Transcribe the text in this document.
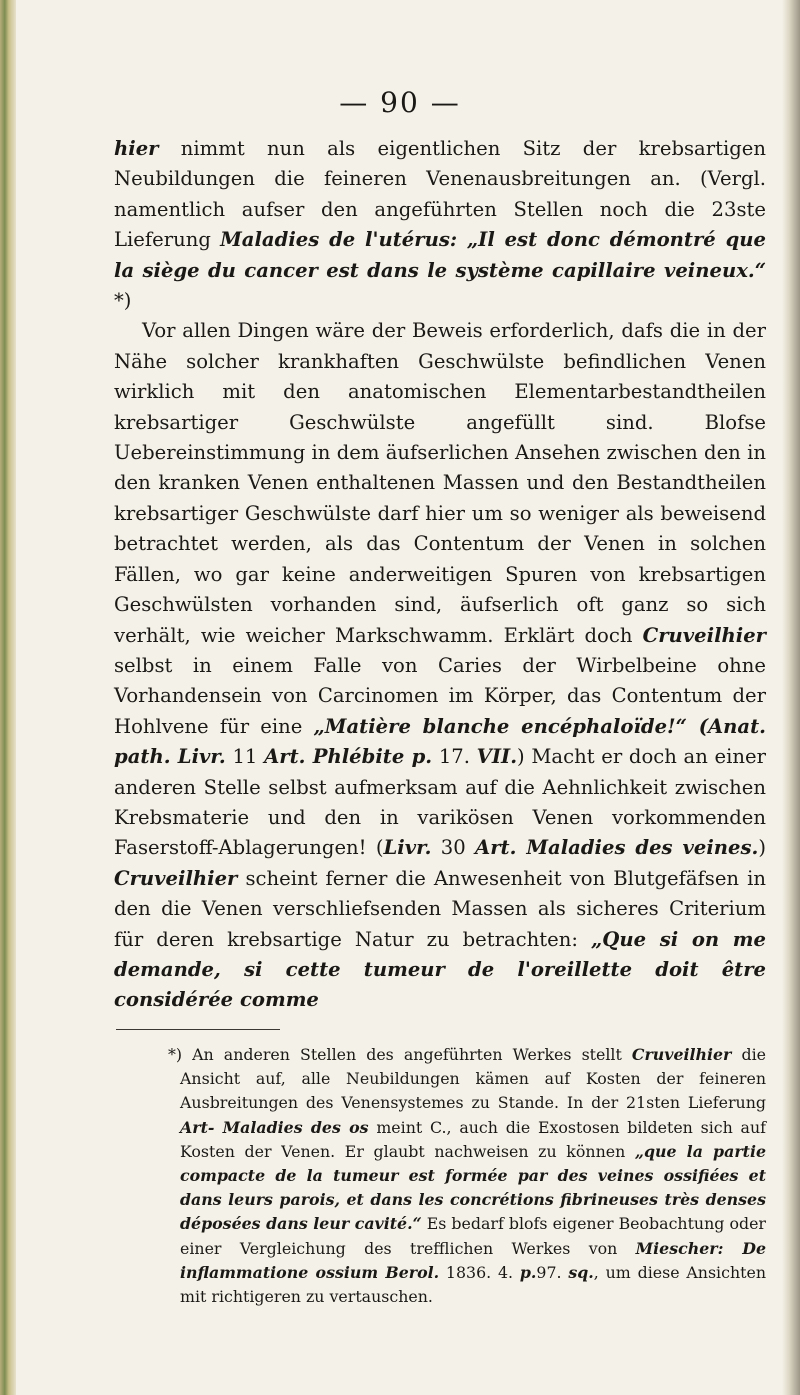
— 90 —

hier nimmt nun als eigentlichen Sitz der krebsartigen Neubildungen die feineren Venenausbreitungen an. (Vergl. namentlich aufser den angeführten Stellen noch die 23ste Lieferung Maladies de l'utérus: „Il est donc démontré que la siège du cancer est dans le système capillaire veineux.“ *)

Vor allen Dingen wäre der Beweis erforderlich, dafs die in der Nähe solcher krankhaften Geschwülste befindlichen Venen wirklich mit den anatomischen Elementarbestandtheilen krebsartiger Geschwülste angefüllt sind. Blofse Uebereinstimmung in dem äufserlichen Ansehen zwischen den in den kranken Venen enthaltenen Massen und den Bestandtheilen krebsartiger Geschwülste darf hier um so weniger als beweisend betrachtet werden, als das Contentum der Venen in solchen Fällen, wo gar keine anderweitigen Spuren von krebsartigen Geschwülsten vorhanden sind, äufserlich oft ganz so sich verhält, wie weicher Markschwamm. Erklärt doch Cruveilhier selbst in einem Falle von Caries der Wirbelbeine ohne Vorhandensein von Carcinomen im Körper, das Contentum der Hohlvene für eine „Matière blanche encéphaloïde!“ (Anat. path. Livr. 11 Art. Phlébite p. 17. VII.) Macht er doch an einer anderen Stelle selbst aufmerksam auf die Aehnlichkeit zwischen Krebsmaterie und den in varikösen Venen vorkommenden Faserstoff-Ablagerungen! (Livr. 30 Art. Maladies des veines.) Cruveilhier scheint ferner die Anwesenheit von Blutgefäfsen in den die Venen verschliefsenden Massen als sicheres Criterium für deren krebsartige Natur zu betrachten: „Que si on me demande, si cette tumeur de l'oreillette doit être considérée comme

*) An anderen Stellen des angeführten Werkes stellt Cruveilhier die Ansicht auf, alle Neubildungen kämen auf Kosten der feineren Ausbreitungen des Venensystemes zu Stande. In der 21sten Lieferung Art- Maladies des os meint C., auch die Exostosen bildeten sich auf Kosten der Venen. Er glaubt nachweisen zu können „que la partie compacte de la tumeur est formée par des veines ossifiées et dans leurs parois, et dans les concrétions fibrineuses très denses déposées dans leur cavité.“ Es bedarf blofs eigener Beobachtung oder einer Vergleichung des trefflichen Werkes von Miescher: De inflammatione ossium Berol. 1836. 4. p.97. sq., um diese Ansichten mit richtigeren zu vertauschen.
